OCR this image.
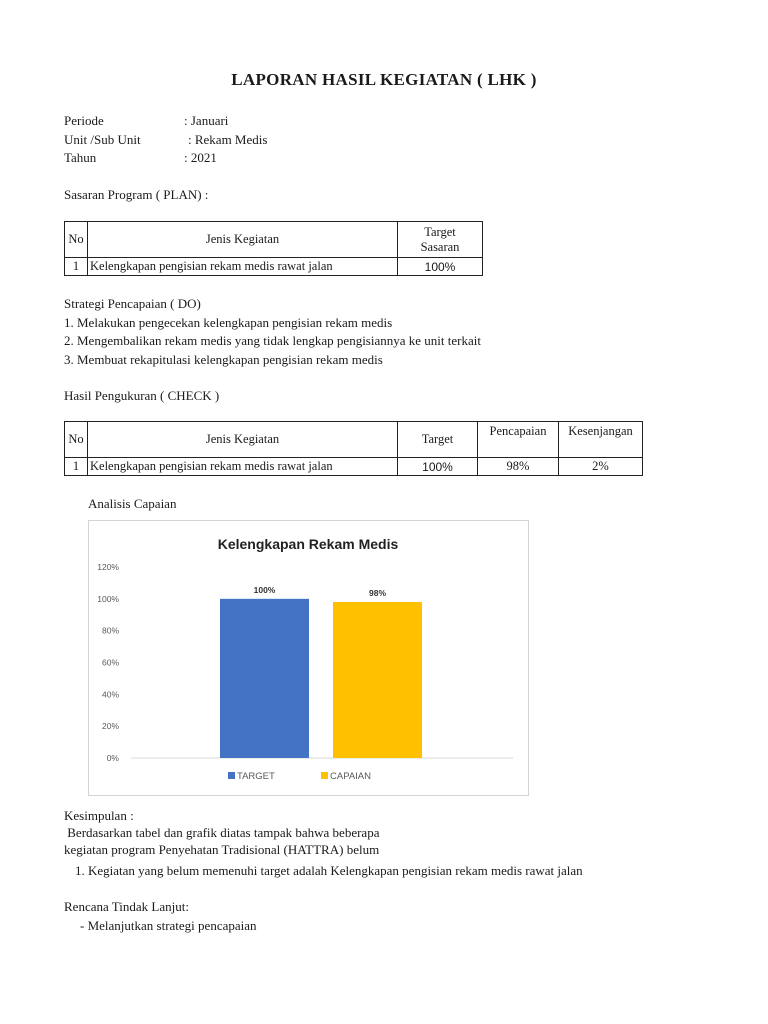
LAPORAN HASIL KEGIATAN ( LHK )
Periode	: Januari
Unit /Sub Unit	: Rekam Medis
Tahun	: 2021
Sasaran Program ( PLAN) :
No	Jenis Kegiatan	Target
Sasaran

1	Kelengkapan pengisian rekam medis rawat jalan	100%
Strategi Pencapaian ( DO)
1. Melakukan pengecekan kelengkapan pengisian rekam medis
2. Mengembalikan rekam medis yang tidak lengkap pengisiannya ke unit terkait
3. Membuat rekapitulasi kelengkapan pengisian rekam medis
Hasil Pengukuran ( CHECK )
No	Jenis Kegiatan	Target	Pencapaian	Kesenjangan
1	Kelengkapan pengisian rekam medis rawat jalan	100%	98%	2%
Analisis Capaian
Kelengkapan Rekam Medis
0%
20%
40%
60%
80%
100%
120%
100%	98%
TARGET	CAPAIAN
Kesimpulan :
Berdasarkan tabel dan grafik diatas tampak bahwa beberapa
kegiatan program Penyehatan Tradisional (HATTRA) belum
1. Kegiatan yang belum memenuhi target adalah Kelengkapan pengisian rekam medis rawat jalan
Rencana Tindak Lanjut:
- Melanjutkan strategi pencapaian
